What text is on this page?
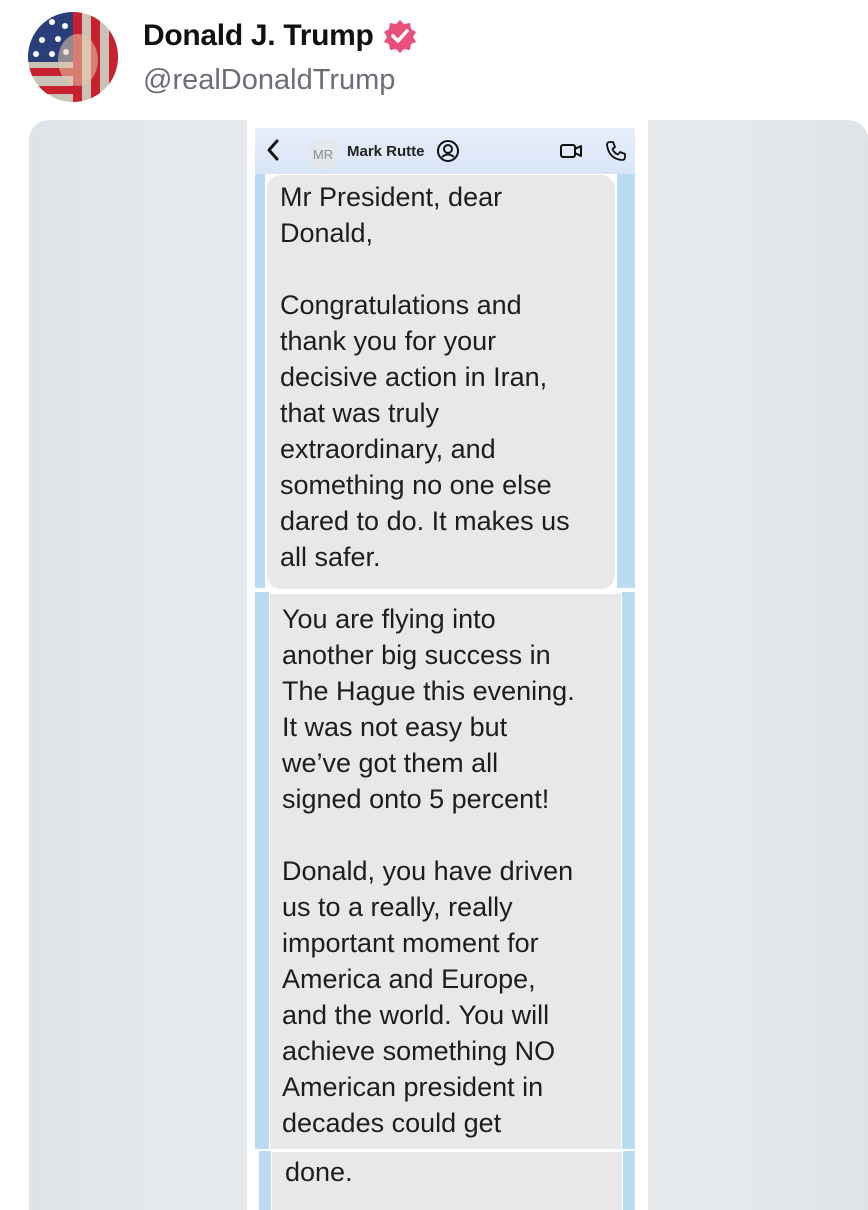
Donald J. Trump
@realDonaldTrump
MR Mark Rutte
Mr President, dear
Donald,

Congratulations and
thank you for your
decisive action in Iran,
that was truly
extraordinary, and
something no one else
dared to do. It makes us
all safer.
You are flying into
another big success in
The Hague this evening.
It was not easy but
we’ve got them all
signed onto 5 percent!

Donald, you have driven
us to a really, really
important moment for
America and Europe,
and the world. You will
achieve something NO
American president in
decades could get
done.
